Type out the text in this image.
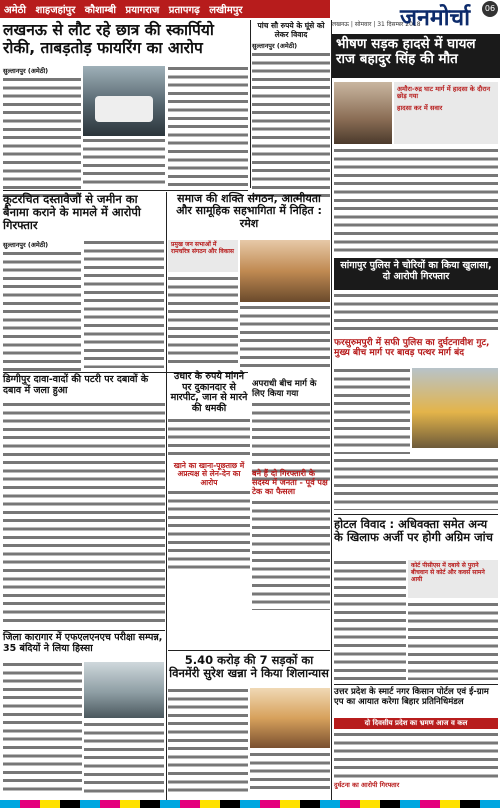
अमेठी शाहजहांपुर कौशाम्बी प्रयागराज प्रतापगढ़ लखीमपुर
लखनऊ | सोमवार | 31 दिसम्बर 2018
जनमोर्चा	06
लखनऊ से लौट रहे छात्र की स्कार्पियो
रोकी, ताबड़तोड़ फायरिंग का आरोप
सुल्तानपुर (अमेठी)
पांच सौ रुपये के घूंसे को लेकर विवाद
सुल्तानपुर (अमेठी)	भीषण सड़क हादसे में घायल राज बहादुर सिंह की मौत
अमौरा-रुद्र घाट मार्ग में हादसा के दौरान छोड़ गया
हादसा कर में सवार
कूटरचित दस्तावेजों से जमीन का बैनामा कराने के मामले में आरोपी गिरफ्तार
सुल्तानपुर (अमेठी)
समाज की शक्ति संगठन, आत्मीयता और सामूहिक सहभागिता में निहित : रमेश
प्रमुख जन सभाओं में रामचरित्र संगठन और विकास
सांगापुर पुलिस ने चोरियों का किया खुलासा, दो आरोपी गिरफ्तार
फरसुरुमपुरी में सफी पुलिस का दुर्घटनावीश गुट, मुख्य बीच मार्ग पर बावड़ पत्थर मार्ग बंद
डिग्गीपुर दावा-वादों की पटरी पर दबावों के दबाव में जला हुआ
अपराधी बीच मार्ग के लिए किया गया
उधार के रुपये मांगने पर दुकानदार से मारपीट, जान से मारने की धमकी
खाने का खाना-पूछताछ में अप्रत्यक्ष से लेन-देन का आरोप
बने हैं दो गिरफ्तारी के सदस्य में जनता - पूर्व पक्ष टेक का फैसला
होटल विवाद : अधिवक्ता समेत अन्य के खिलाफ अर्जी पर होगी अग्रिम जांच
कोर्ट पीसीएस में दबाये से पुराने बीचवान से कोर्ट और कवर्स सामने आयी
जिला कारागार में एफएलएनएच परीक्षा सम्पन्न, 35 बंदियों ने लिया हिस्सा
5.40 करोड़ की 7 सड़कों का विनमेंरी सुरेश खन्ना ने किया शिलान्यास
उत्तर प्रदेश के स्मार्ट नगर किसान पोर्टल एवं ई-ग्राम एप का आयात करेगा बिहार प्रतिनिधिमंडल
दो दिवसीय प्रदेश का भ्रमण आज व कल
दुर्घटना का आरोपी गिरफ्तार
